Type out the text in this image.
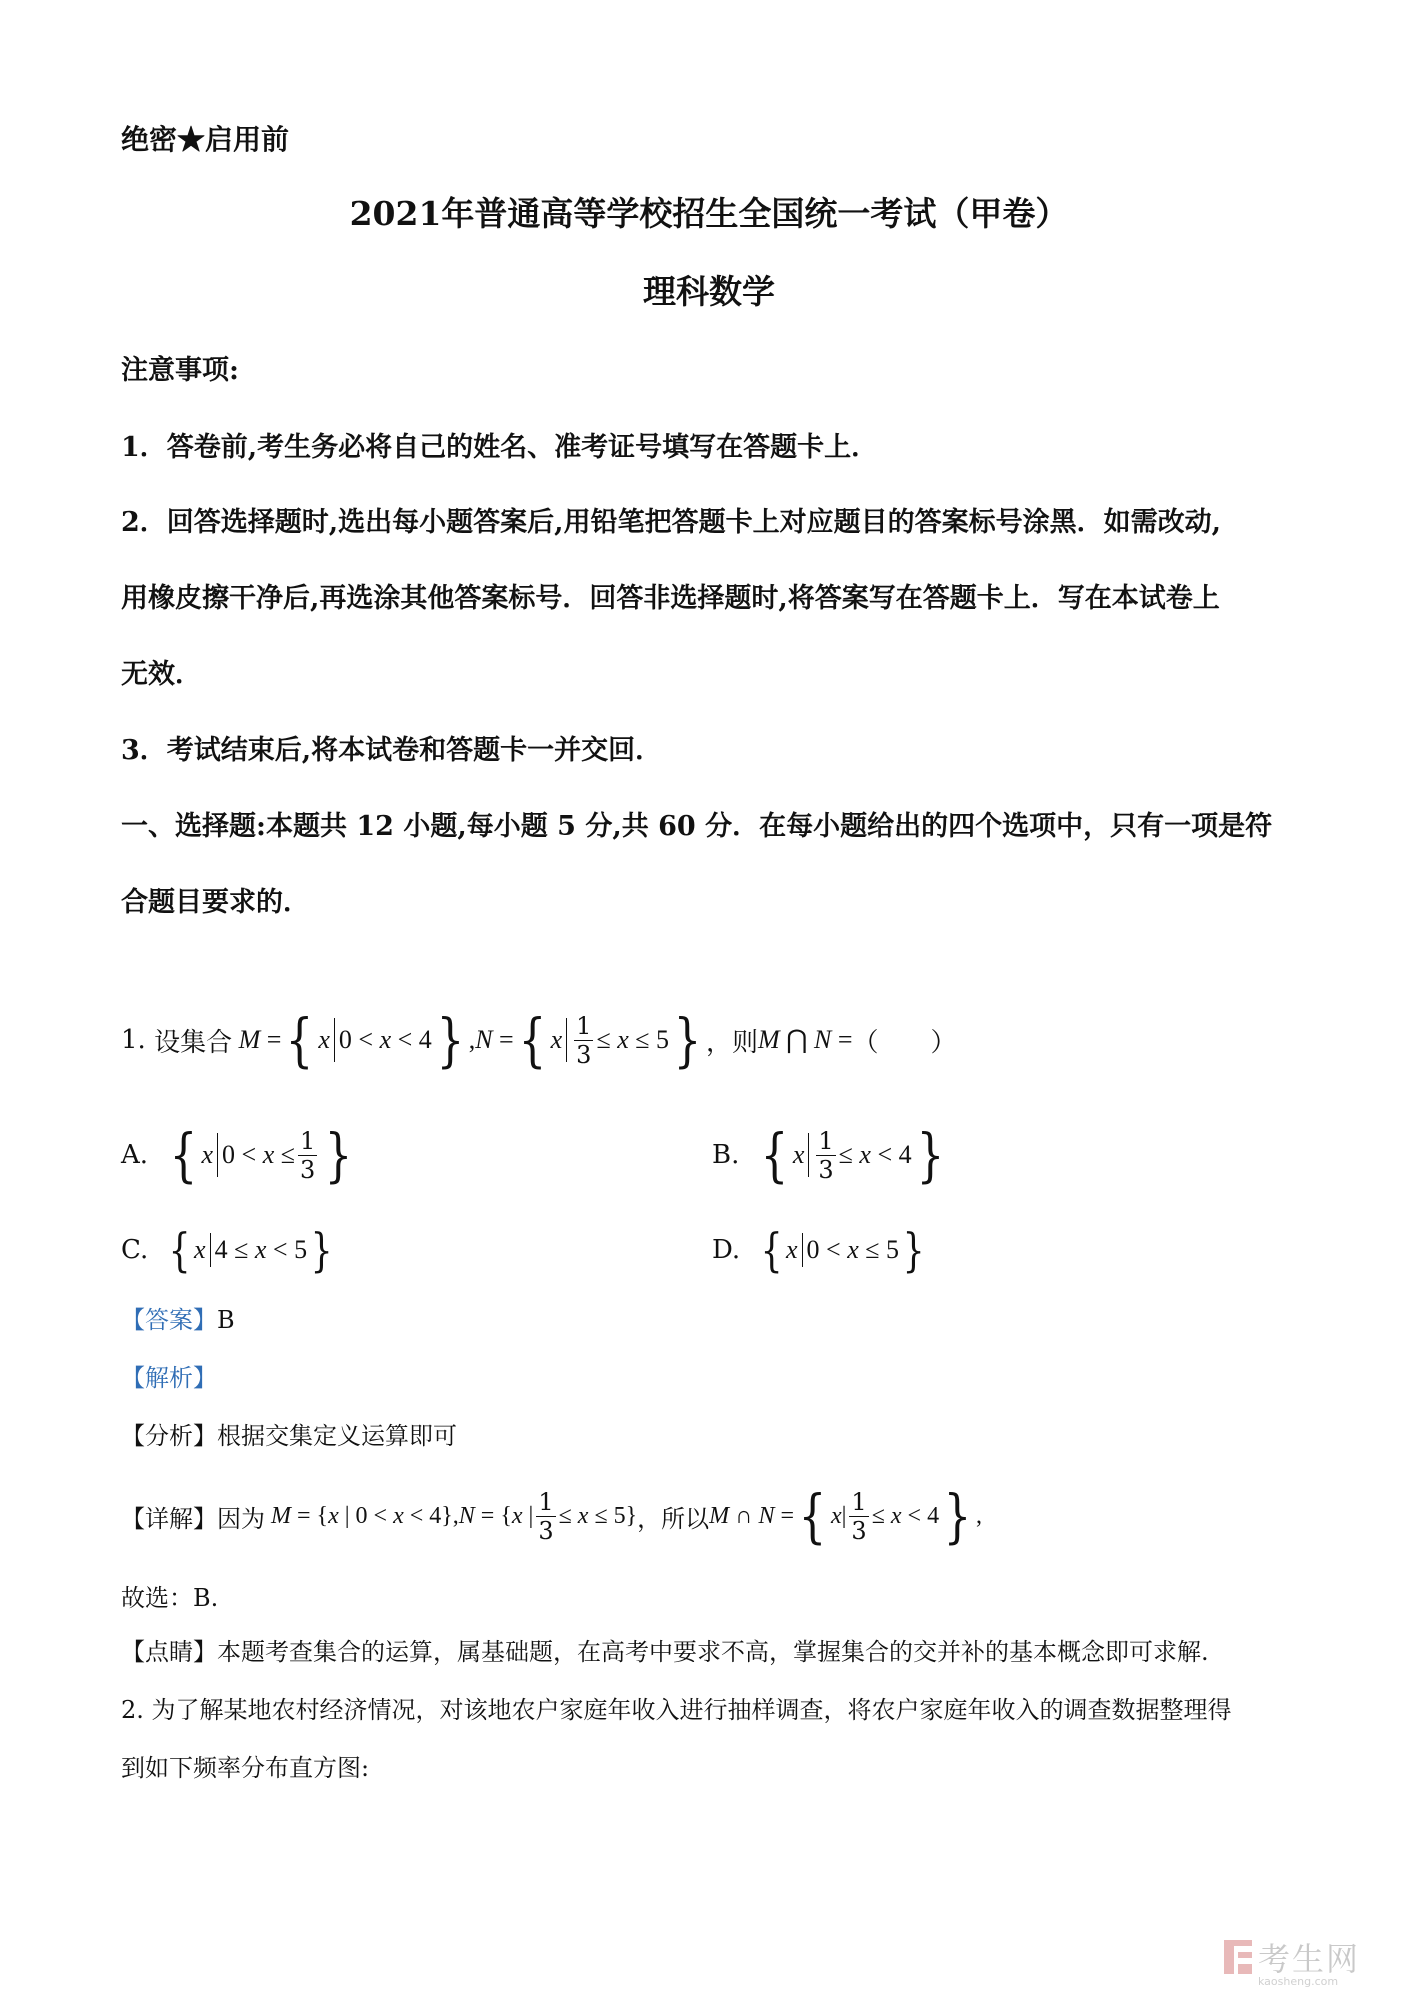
绝密★启用前
2021年普通高等学校招生全国统一考试（甲卷）
理科数学
注意事项:
1．答卷前,考生务必将自己的姓名、准考证号填写在答题卡上．
2．回答选择题时,选出每小题答案后,用铅笔把答题卡上对应题目的答案标号涂黑．如需改动,
用橡皮擦干净后,再选涂其他答案标号．回答非选择题时,将答案写在答题卡上．写在本试卷上
无效．
3．考试结束后,将本试卷和答题卡一并交回．
一、选择题:本题共 12 小题,每小题 5 分,共 60 分．在每小题给出的四个选项中，只有一项是符
合题目要求的．
1.
设集合 M = { x 0 < x < 4 } ,N = { x $\frac{1}{3} \le x \le 5$ } ，则 M ⋂ N = （　　）
A.
{ x $0 < x \le \frac{1}{3}$ }	B.
{ x $\frac{1}{3} \le x < 4$ }
C.
{ x 4 ≤ x < 5 }	D.
{ x 0 < x ≤ 5 }
【答案】B
【解析】
【分析】根据交集定义运算即可
【详解】 因为 M = {x | 0 < x < 4},N = {x | $\frac{1}{3} \le x \le 5$} ，所以 M ∩ N = { x | $\frac{1}{3} \le x < 4$ } ,
故选：B.
【点睛】本题考查集合的运算，属基础题，在高考中要求不高，掌握集合的交并补的基本概念即可求解.
2. 为了解某地农村经济情况，对该地农户家庭年收入进行抽样调查，将农户家庭年收入的调查数据整理得
到如下频率分布直方图:
考生网
kaosheng.com
